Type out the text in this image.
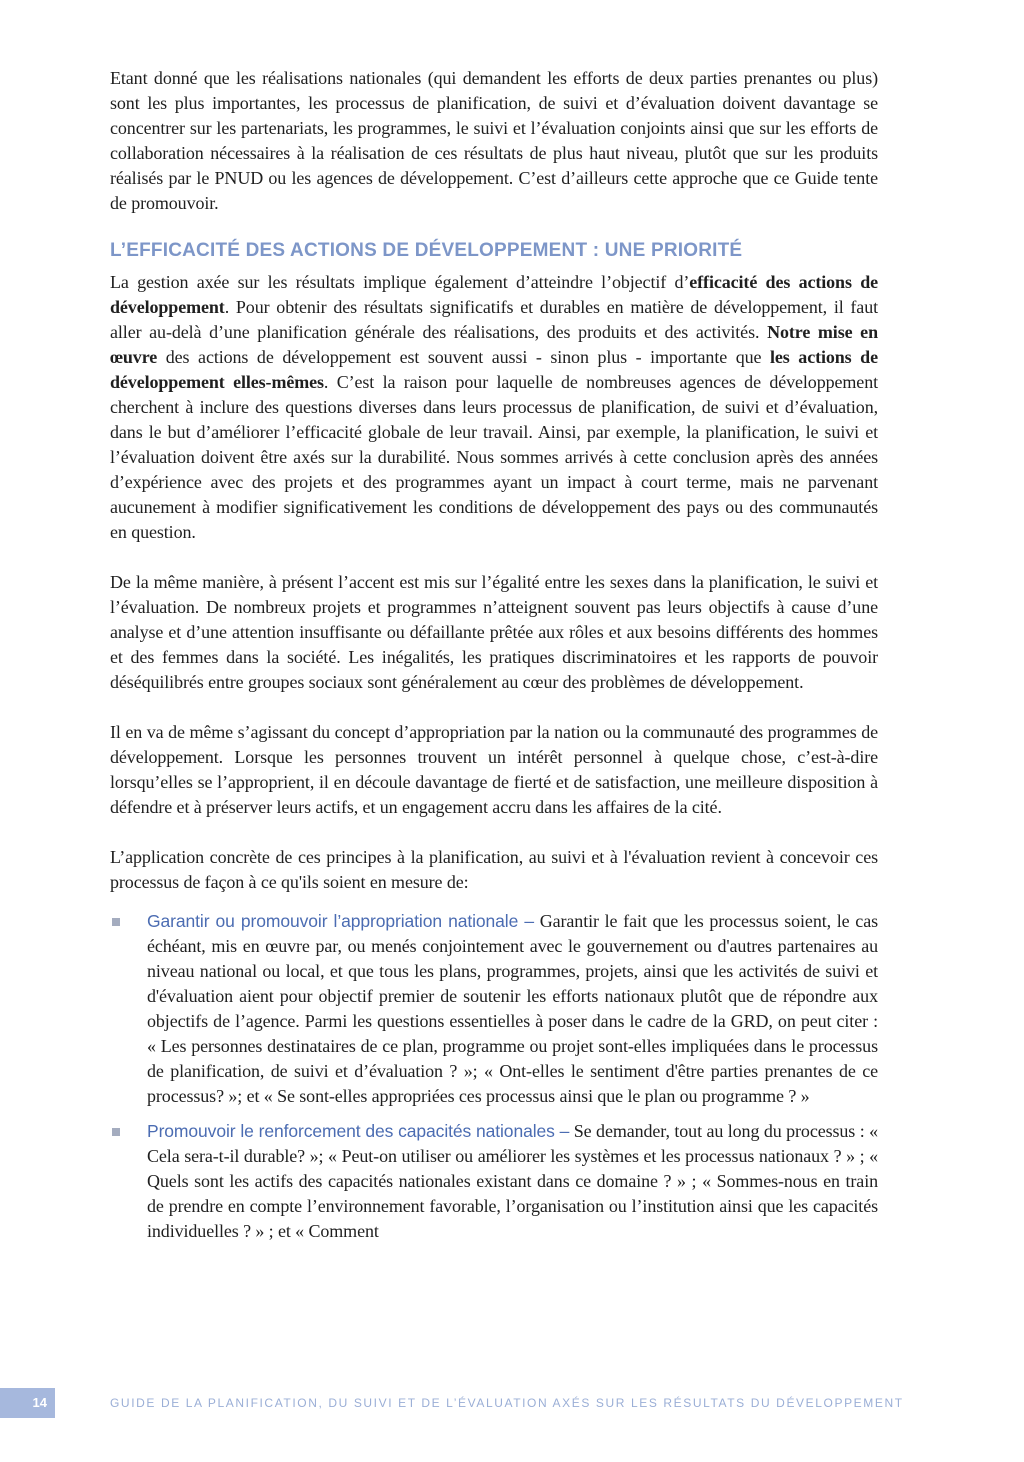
Etant donné que les réalisations nationales (qui demandent les efforts de deux parties prenantes ou plus) sont les plus importantes, les processus de planification, de suivi et d’évaluation doivent davantage se concentrer sur les partenariats, les programmes, le suivi et l’évaluation conjoints ainsi que sur les efforts de collaboration nécessaires à la réalisation de ces résultats de plus haut niveau, plutôt que sur les produits réalisés par le PNUD ou les agences de développement. C’est d’ailleurs cette approche que ce Guide tente de promouvoir.

L’EFFICACITÉ DES ACTIONS DE DÉVELOPPEMENT : UNE PRIORITÉ

La gestion axée sur les résultats implique également d’atteindre l’objectif d’efficacité des actions de développement. Pour obtenir des résultats significatifs et durables en matière de développement, il faut aller au-delà d’une planification générale des réalisations, des produits et des activités. Notre mise en œuvre des actions de développement est souvent aussi - sinon plus - importante que les actions de développement elles-mêmes. C’est la raison pour laquelle de nombreuses agences de développement cherchent à inclure des questions diverses dans leurs processus de planification, de suivi et d’évaluation, dans le but d’améliorer l’efficacité globale de leur travail. Ainsi, par exemple, la planification, le suivi et l’évaluation doivent être axés sur la durabilité. Nous sommes arrivés à cette conclusion après des années d’expérience avec des projets et des programmes ayant un impact à court terme, mais ne parvenant aucunement à modifier significativement les conditions de développement des pays ou des communautés en question.

De la même manière, à présent l’accent est mis sur l’égalité entre les sexes dans la planification, le suivi et l’évaluation. De nombreux projets et programmes n’atteignent souvent pas leurs objectifs à cause d’une analyse et d’une attention insuffisante ou défaillante prêtée aux rôles et aux besoins différents des hommes et des femmes dans la société. Les inégalités, les pratiques discriminatoires et les rapports de pouvoir déséquilibrés entre groupes sociaux sont généralement au cœur des problèmes de développement.

Il en va de même s’agissant du concept d’appropriation par la nation ou la communauté des programmes de développement. Lorsque les personnes trouvent un intérêt personnel à quelque chose, c’est-à-dire lorsqu’elles se l’approprient, il en découle davantage de fierté et de satisfaction, une meilleure disposition à défendre et à préserver leurs actifs, et un engagement accru dans les affaires de la cité.

L’application concrète de ces principes à la planification, au suivi et à l'évaluation revient à concevoir ces processus de façon à ce qu'ils soient en mesure de:

Garantir ou promouvoir l’appropriation nationale – Garantir le fait que les processus soient, le cas échéant, mis en œuvre par, ou menés conjointement avec le gouvernement ou d'autres partenaires au niveau national ou local, et que tous les plans, programmes, projets, ainsi que les activités de suivi et d'évaluation aient pour objectif premier de soutenir les efforts nationaux plutôt que de répondre aux objectifs de l’agence. Parmi les questions essentielles à poser dans le cadre de la GRD, on peut citer : « Les personnes destinataires de ce plan, programme ou projet sont-elles impliquées dans le processus de planification, de suivi et d’évaluation ? »; « Ont-elles le sentiment d'être parties prenantes de ce processus? »; et « Se sont-elles appropriées ces processus ainsi que le plan ou programme ? »
Promouvoir le renforcement des capacités nationales – Se demander, tout au long du processus : « Cela sera-t-il durable? »; « Peut-on utiliser ou améliorer les systèmes et les processus nationaux ? » ; « Quels sont les actifs des capacités nationales existant dans ce domaine ? » ; « Sommes-nous en train de prendre en compte l’environnement favorable, l’organisation ou l’institution ainsi que les capacités individuelles ? » ; et « Comment
14	GUIDE DE LA PLANIFICATION, DU SUIVI ET DE L’ÉVALUATION AXÉS SUR LES RÉSULTATS DU DÉVELOPPEMENT
